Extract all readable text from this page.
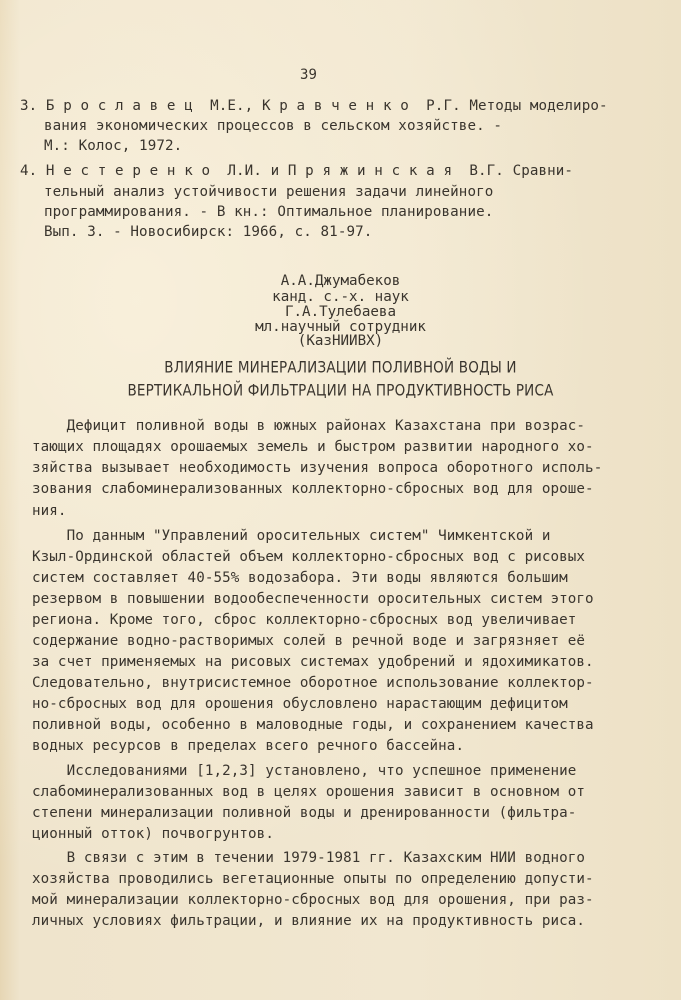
39
3. Б р о с л а в е ц  М.Е., К р а в ч е н к о  Р.Г. Методы моделиро-
вания экономических процессов в сельском хозяйстве. -
М.: Колос, 1972.
4. Н е с т е р е н к о  Л.И. и П р я ж и н с к а я  В.Г. Сравни-
тельный анализ устойчивости решения задачи линейного
программирования. - В кн.: Оптимальное планирование.
Вып. 3. - Новосибирск: 1966, с. 81-97.
А.А.Джумабеков
канд. с.-х. наук
Г.А.Тулебаева
мл.научный сотрудник
(КазНИИВХ)
ВЛИЯНИЕ МИНЕРАЛИЗАЦИИ ПОЛИВНОЙ ВОДЫ И
ВЕРТИКАЛЬНОЙ ФИЛЬТРАЦИИ НА ПРОДУКТИВНОСТЬ РИСА
Дефицит поливной воды в южных районах Казахстана при возрас-
тающих площадях орошаемых земель и быстром развитии народного хо-
зяйства вызывает необходимость изучения вопроса оборотного исполь-
зования слабоминерализованных коллекторно-сбросных вод для ороше-
ния.
По данным "Управлений оросительных систем" Чимкентской и
Кзыл-Ординской областей объем коллекторно-сбросных вод с рисовых
систем составляет 40-55% водозабора. Эти воды являются большим
резервом в повышении водообеспеченности оросительных систем этого
региона. Кроме того, сброс коллекторно-сбросных вод увеличивает
содержание водно-растворимых солей в речной воде и загрязняет её
за счет применяемых на рисовых системах удобрений и ядохимикатов.
Следовательно, внутрисистемное оборотное использование коллектор-
но-сбросных вод для орошения обусловлено нарастающим дефицитом
поливной воды, особенно в маловодные годы, и сохранением качества
водных ресурсов в пределах всего речного бассейна.
Исследованиями [1,2,3] установлено, что успешное применение
слабоминерализованных вод в целях орошения зависит в основном от
степени минерализации поливной воды и дренированности (фильтра-
ционный отток) почвогрунтов.
В связи с этим в течении 1979-1981 гг. Казахским НИИ водного
хозяйства проводились вегетационные опыты по определению допусти-
мой минерализации коллекторно-сбросных вод для орошения, при раз-
личных условиях фильтрации, и влияние их на продуктивность риса.
